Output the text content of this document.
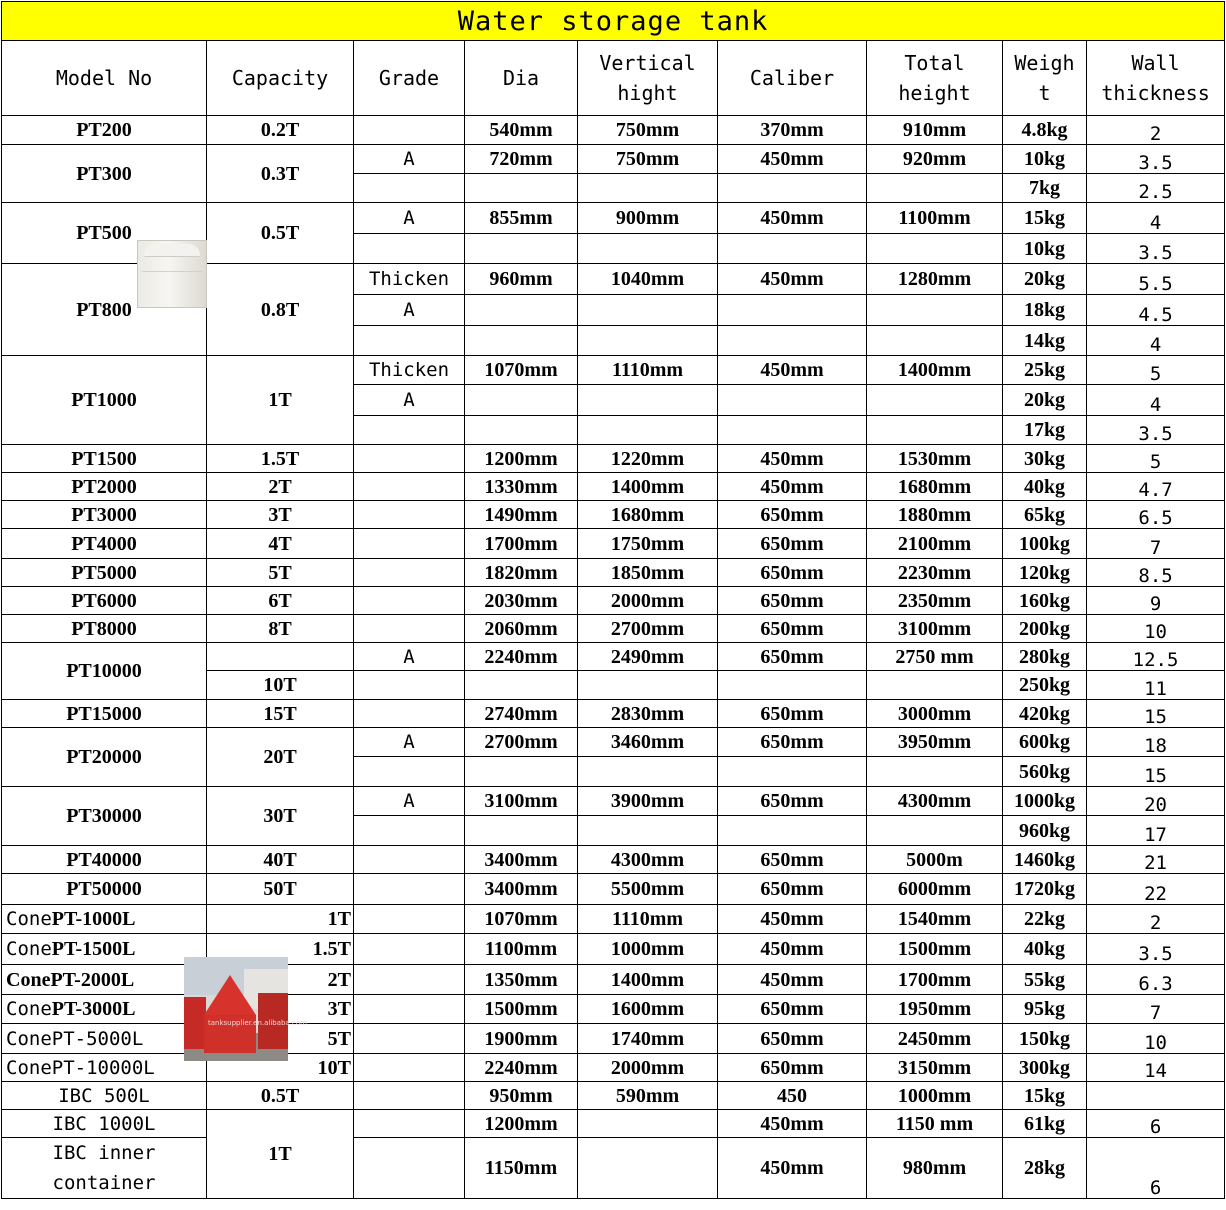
Water storage tank								
Model No	Capacity	Grade	Dia	Vertical hight	Caliber	Total height	Weigh t	Wall thickness
PT200	0.2T		540mm	750mm	370mm	910mm	4.8kg	2
PT300	0.3T	A	720mm	750mm	450mm	920mm	10kg	3.5
							7kg	2.5
PT500	0.5T	A	855mm	900mm	450mm	1100mm	15kg	4
							10kg	3.5
PT800	0.8T	Thicken	960mm	1040mm	450mm	1280mm	20kg	5.5
		A					18kg	4.5
							14kg	4
PT1000	1T	Thicken	1070mm	1110mm	450mm	1400mm	25kg	5
		A					20kg	4
							17kg	3.5
PT1500	1.5T		1200mm	1220mm	450mm	1530mm	30kg	5
PT2000	2T		1330mm	1400mm	450mm	1680mm	40kg	4.7
PT3000	3T		1490mm	1680mm	650mm	1880mm	65kg	6.5
PT4000	4T		1700mm	1750mm	650mm	2100mm	100kg	7
PT5000	5T		1820mm	1850mm	650mm	2230mm	120kg	8.5
PT6000	6T		2030mm	2000mm	650mm	2350mm	160kg	9
PT8000	8T		2060mm	2700mm	650mm	3100mm	200kg	10
PT10000		A	2240mm	2490mm	650mm	2750 mm	280kg	12.5
	10T						250kg	11
PT15000	15T		2740mm	2830mm	650mm	3000mm	420kg	15
PT20000	20T	A	2700mm	3460mm	650mm	3950mm	600kg	18
							560kg	15
PT30000	30T	A	3100mm	3900mm	650mm	4300mm	1000kg	20
							960kg	17
PT40000	40T		3400mm	4300mm	650mm	5000m	1460kg	21
PT50000	50T		3400mm	5500mm	650mm	6000mm	1720kg	22
ConePT-1000L	1T		1070mm	1110mm	450mm	1540mm	22kg	2
ConePT-1500L	1.5T		1100mm	1000mm	450mm	1500mm	40kg	3.5
ConePT-2000L	2T		1350mm	1400mm	450mm	1700mm	55kg	6.3
ConePT-3000L	3T		1500mm	1600mm	650mm	1950mm	95kg	7
ConePT-5000L	5T		1900mm	1740mm	650mm	2450mm	150kg	10
ConePT-10000L	10T		2240mm	2000mm	650mm	3150mm	300kg	14
IBC 500L	0.5T		950mm	590mm	450	1000mm	15kg	
IBC 1000L	1T		1200mm		450mm	1150 mm	61kg	6
IBC inner container			1150mm		450mm	980mm	28kg	6
tanksupplier.en.alibaba.com
